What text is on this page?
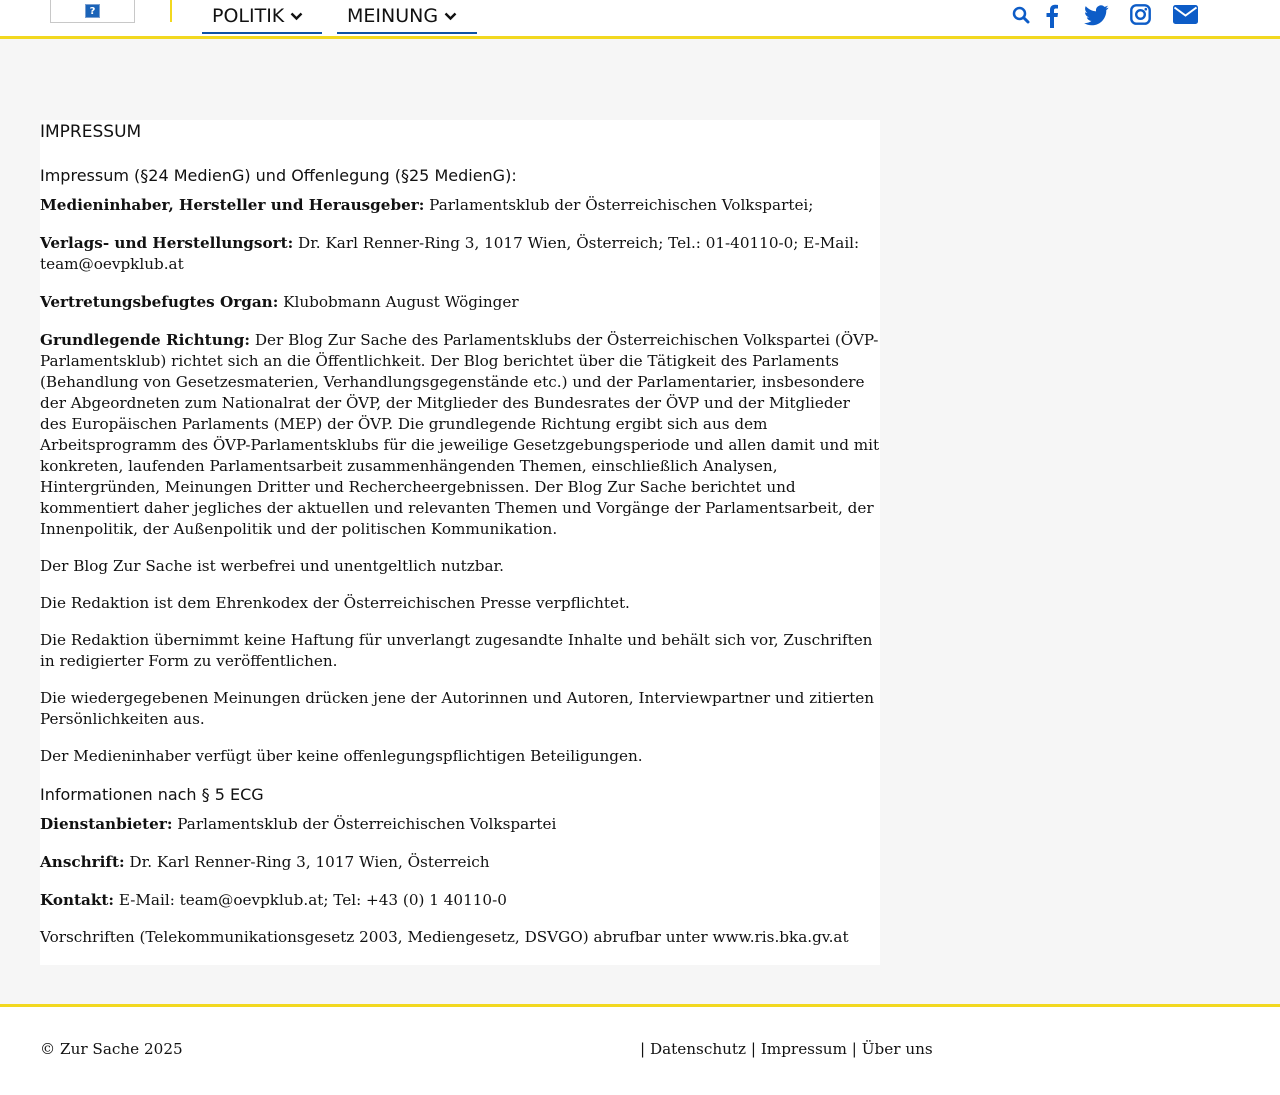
?	POLITIK	MEINUNG
IMPRESSUM
Impressum (§24 MedienG) und Offenlegung (§25 MedienG):

Medieninhaber, Hersteller und Herausgeber: Parlamentsklub der Österreichischen Volkspartei;

Verlags- und Herstellungsort: Dr. Karl Renner-Ring 3, 1017 Wien, Österreich; Tel.: 01-40110-0; E-Mail: team@oevpklub.at

Vertretungsbefugtes Organ: Klubobmann August Wöginger

Grundlegende Richtung: Der Blog Zur Sache des Parlamentsklubs der Österreichischen Volkspartei (ÖVP-Parlamentsklub) richtet sich an die Öffentlichkeit. Der Blog berichtet über die Tätigkeit des Parlaments (Behandlung von Gesetzesmaterien, Verhandlungsgegenstände etc.) und der Parlamentarier, insbesondere der Abgeordneten zum Nationalrat der ÖVP, der Mitglieder des Bundesrates der ÖVP und der Mitglieder des Europäischen Parlaments (MEP) der ÖVP. Die grundlegende Richtung ergibt sich aus dem Arbeitsprogramm des ÖVP-Parlamentsklubs für die jeweilige Gesetzgebungsperiode und allen damit und mit konkreten, laufenden Parlamentsarbeit zusammenhängenden Themen, einschließlich Analysen, Hintergründen, Meinungen Dritter und Rechercheergebnissen. Der Blog Zur Sache berichtet und kommentiert daher jegliches der aktuellen und relevanten Themen und Vorgänge der Parlamentsarbeit, der Innenpolitik, der Außenpolitik und der politischen Kommunikation.

Der Blog Zur Sache ist werbefrei und unentgeltlich nutzbar.

Die Redaktion ist dem Ehrenkodex der Österreichischen Presse verpflichtet.

Die Redaktion übernimmt keine Haftung für unverlangt zugesandte Inhalte und behält sich vor, Zuschriften in redigierter Form zu veröffentlichen.

Die wiedergegebenen Meinungen drücken jene der Autorinnen und Autoren, Interviewpartner und zitierten Persönlichkeiten aus.

Der Medieninhaber verfügt über keine offenlegungspflichtigen Beteiligungen.

Informationen nach § 5 ECG

Dienstanbieter: Parlamentsklub der Österreichischen Volkspartei

Anschrift: Dr. Karl Renner-Ring 3, 1017 Wien, Österreich

Kontakt: E-Mail: team@oevpklub.at; Tel: +43 (0) 1 40110-0

Vorschriften (Telekommunikationsgesetz 2003, Mediengesetz, DSVGO) abrufbar unter www.ris.bka.gv.at

© Zur Sache 2025	| Datenschutz | Impressum | Über uns
